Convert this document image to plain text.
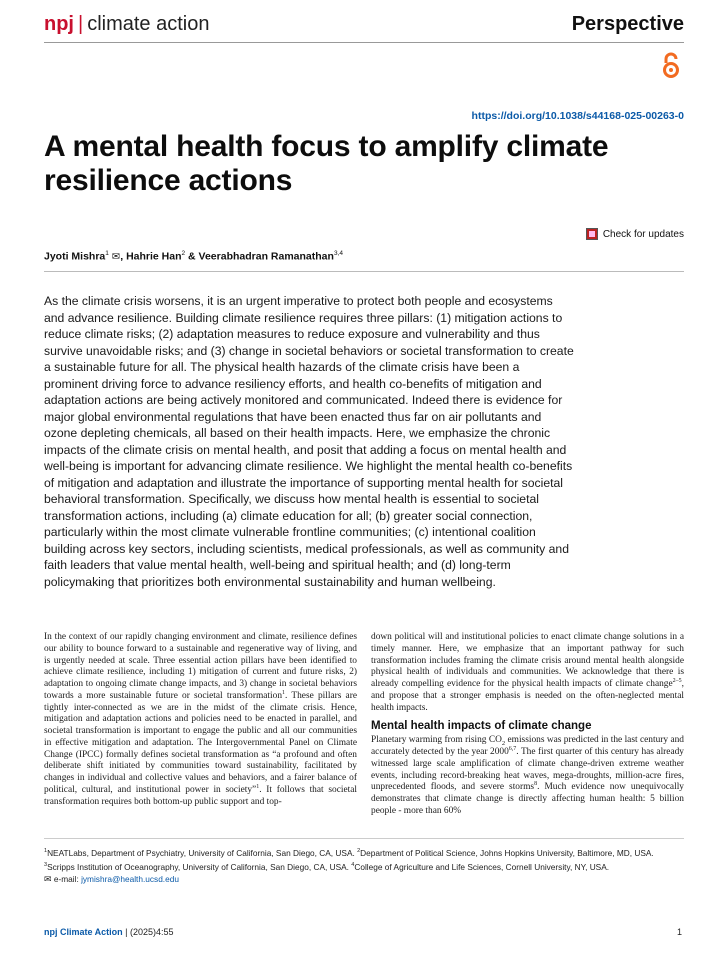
npj | climate action	Perspective
https://doi.org/10.1038/s44168-025-00263-0
A mental health focus to amplify climate resilience actions
Check for updates
Jyoti Mishra$^1$ ✉, Hahrie Han$^2$ & Veerabhadran Ramanathan$^{3,4}$

As the climate crisis worsens, it is an urgent imperative to protect both people and ecosystems and advance resilience. Building climate resilience requires three pillars: (1) mitigation actions to reduce climate risks; (2) adaptation measures to reduce exposure and vulnerability and thus survive unavoidable risks; and (3) change in societal behaviors or societal transformation to create a sustainable future for all. The physical health hazards of the climate crisis have been a prominent driving force to advance resiliency efforts, and health co-benefits of mitigation and adaptation actions are being actively monitored and communicated. Indeed there is evidence for major global environmental regulations that have been enacted thus far on air pollutants and ozone depleting chemicals, all based on their health impacts. Here, we emphasize the chronic impacts of the climate crisis on mental health, and posit that adding a focus on mental health and well-being is important for advancing climate resilience. We highlight the mental health co-benefits of mitigation and adaptation and illustrate the importance of supporting mental health for societal behavioral transformation. Specifically, we discuss how mental health is essential to societal transformation actions, including (a) climate education for all; (b) greater social connection, particularly within the most climate vulnerable frontline communities; (c) intentional coalition building across key sectors, including scientists, medical professionals, as well as community and faith leaders that value mental health, well-being and spiritual health; and (d) long-term policymaking that prioritizes both environmental sustainability and human wellbeing.

In the context of our rapidly changing environment and climate, resilience defines our ability to bounce forward to a sustainable and regenerative way of living, and is urgently needed at scale. Three essential action pillars have been identified to achieve climate resilience, including 1) mitigation of current and future risks, 2) adaptation to ongoing climate change impacts, and 3) change in societal behaviors towards a more sustainable future or societal transformation$^1$. These pillars are tightly inter-connected as we are in the midst of the climate crisis. Hence, mitigation and adaptation actions and policies need to be enacted in parallel, and societal transformation is important to engage the public and all our communities in effective mitigation and adaptation. The Intergovernmental Panel on Climate Change (IPCC) formally defines societal transformation as “a profound and often deliberate shift initiated by communities toward sustainability, facilitated by changes in individual and collective values and behaviors, and a fairer balance of political, cultural, and institutional power in society”$^1$. It follows that societal transformation requires both bottom-up public support and top-

down political will and institutional policies to enact climate change solutions in a timely manner. Here, we emphasize that an important pathway for such transformation includes framing the climate crisis around mental health alongside physical health of individuals and communities. We acknowledge that there is already compelling evidence for the physical health impacts of climate change$^{2-5}$, and propose that a stronger emphasis is needed on the often-neglected mental health impacts.

Mental health impacts of climate change

Planetary warming from rising $CO_2$ emissions was predicted in the last century and accurately detected by the year 2000$^{6,7}$. The first quarter of this century has already witnessed large scale amplification of climate change-driven extreme weather events, including record-breaking heat waves, mega-droughts, million-acre fires, unprecedented floods, and severe storms$^8$. Much evidence now unequivocally demonstrates that climate change is directly affecting human health: 5 billion people - more than 60%

$^1$NEATLabs, Department of Psychiatry, University of California, San Diego, CA, USA. $^2$Department of Political Science, Johns Hopkins University, Baltimore, MD, USA. $^3$Scripps Institution of Oceanography, University of California, San Diego, CA, USA. $^4$College of Agriculture and Life Sciences, Cornell University, NY, USA.
✉ e-mail: jymishra@health.ucsd.edu

npj Climate Action | (2025)4:55	1
